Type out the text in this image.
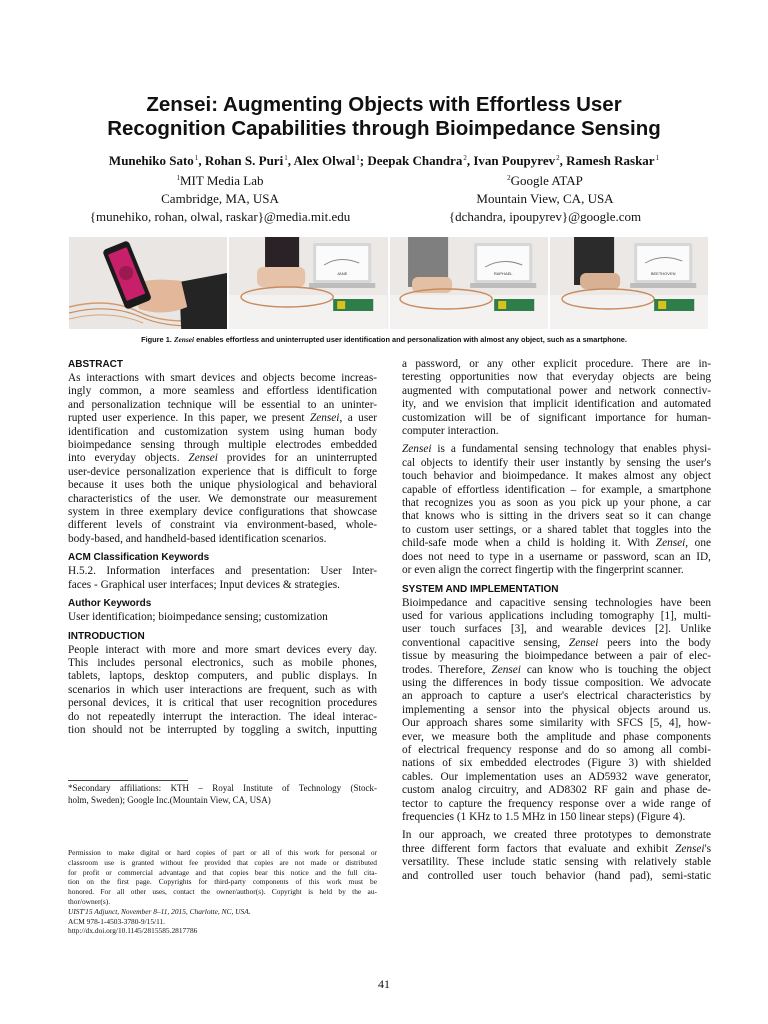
Zensei: Augmenting Objects with Effortless User
Recognition Capabilities through Bioimpedance Sensing
Munehiko Sato$^1$, Rohan S. Puri$^1$, Alex Olwal$^1$; Deepak Chandra$^2$, Ivan Poupyrev$^2$, Ramesh Raskar$^1$
$^1$MIT Media Lab
Cambridge, MA, USA
{munehiko, rohan, olwal, raskar}@media.mit.edu
$^2$Google ATAP
Mountain View, CA, USA
{dchandra, ipoupyrev}@google.com
JANE	RAPHAEL	BEETHOVEN
Figure 1. Zensei enables effortless and uninterrupted user identification and personalization with almost any object, such as a smartphone.
ABSTRACT
As interactions with smart devices and objects become increas-
ingly common, a more seamless and effortless identification
and personalization technique will be essential to an uninter-
rupted user experience. In this paper, we present Zensei, a user
identification and customization system using human body
bioimpedance sensing through multiple electrodes embedded
into everyday objects. Zensei provides for an uninterrupted
user-device personalization experience that is difficult to forge
because it uses both the unique physiological and behavioral
characteristics of the user. We demonstrate our measurement
system in three exemplary device configurations that showcase
different levels of constraint via environment-based, whole-
body-based, and handheld-based identification scenarios.
ACM Classification Keywords
H.5.2. Information interfaces and presentation: User Inter-
faces - Graphical user interfaces; Input devices & strategies.
Author Keywords
User identification; bioimpedance sensing; customization
INTRODUCTION
People interact with more and more smart devices every day.
This includes personal electronics, such as mobile phones,
tablets, laptops, desktop computers, and public displays. In
scenarios in which user interactions are frequent, such as with
personal devices, it is critical that user recognition procedures
do not repeatedly interrupt the interaction. The ideal interac-
tion should not be interrupted by toggling a switch, inputting
*Secondary affiliations: KTH – Royal Institute of Technology (Stock-
holm, Sweden); Google Inc.(Mountain View, CA, USA)
Permission to make digital or hard copies of part or all of this work for personal or
classroom use is granted without fee provided that copies are not made or distributed
for profit or commercial advantage and that copies bear this notice and the full cita-
tion on the first page. Copyrights for third-party components of this work must be
honored. For all other uses, contact the owner/author(s). Copyright is held by the au-
thor/owner(s).
UIST'15 Adjunct, November 8–11, 2015, Charlotte, NC, USA.
ACM 978-1-4503-3780-9/15/11.
http://dx.doi.org/10.1145/2815585.2817786
a password, or any other explicit procedure. There are in-
teresting opportunities now that everyday objects are being
augmented with computational power and network connectiv-
ity, and we envision that implicit identification and automated
customization will be of significant importance for human-
computer interaction.
Zensei is a fundamental sensing technology that enables physi-
cal objects to identify their user instantly by sensing the user's
touch behavior and bioimpedance. It makes almost any object
capable of effortless identification – for example, a smartphone
that recognizes you as soon as you pick up your phone, a car
that knows who is sitting in the drivers seat so it can change
to custom user settings, or a shared tablet that toggles into the
child-safe mode when a child is holding it. With Zensei, one
does not need to type in a username or password, scan an ID,
or even align the correct fingertip with the fingerprint scanner.
SYSTEM AND IMPLEMENTATION
Bioimpedance and capacitive sensing technologies have been
used for various applications including tomography [1], multi-
user touch surfaces [3], and wearable devices [2]. Unlike
conventional capacitive sensing, Zensei peers into the body
tissue by measuring the bioimpedance between a pair of elec-
trodes. Therefore, Zensei can know who is touching the object
using the differences in body tissue composition. We advocate
an approach to capture a user's electrical characteristics by
implementing a sensor into the physical objects around us.
Our approach shares some similarity with SFCS [5, 4], how-
ever, we measure both the amplitude and phase components
of electrical frequency response and do so among all combi-
nations of six embedded electrodes (Figure 3) with shielded
cables. Our implementation uses an AD5932 wave generator,
custom analog circuitry, and AD8302 RF gain and phase de-
tector to capture the frequency response over a wide range of
frequencies (1 KHz to 1.5 MHz in 150 linear steps) (Figure 4).
In our approach, we created three prototypes to demonstrate
three different form factors that evaluate and exhibit Zensei's
versatility. These include static sensing with relatively stable
and controlled user touch behavior (hand pad), semi-static
41
